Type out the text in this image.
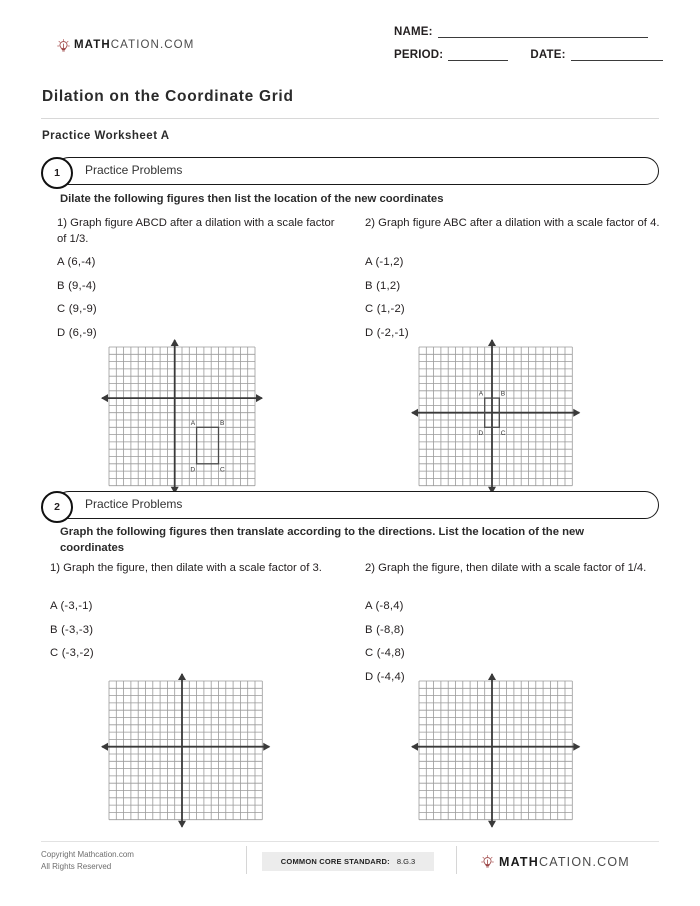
MATHCATION.COM
NAME:
PERIOD:	DATE:
Dilation on the Coordinate Grid
Practice Worksheet A
1	Practice Problems
Dilate the following figures then list the location of the new coordinates
1) Graph figure ABCD after a dilation with a scale factor of 1/3.
A (6,-4)
B (9,-4)
C (9,-9)
D (6,-9)
2) Graph figure ABC after a dilation with a scale factor of 4.
A (-1,2)
B (1,2)
C (1,-2)
D (-2,-1)
A	B
D	C
A	B
D	C
2	Practice Problems
Graph the following figures then translate according to the directions. List the location of the new coordinates
1) Graph the figure, then dilate with a scale factor of 3.
A (-3,-1)
B (-3,-3)
C (-3,-2)
2) Graph the figure, then dilate with a scale factor of 1/4.
A (-8,4)
B (-8,8)
C (-4,8)
D (-4,4)
Copyright Mathcation.com
All Rights Reserved
COMMON CORE STANDARD: 8.G.3	MATHCATION.COM
